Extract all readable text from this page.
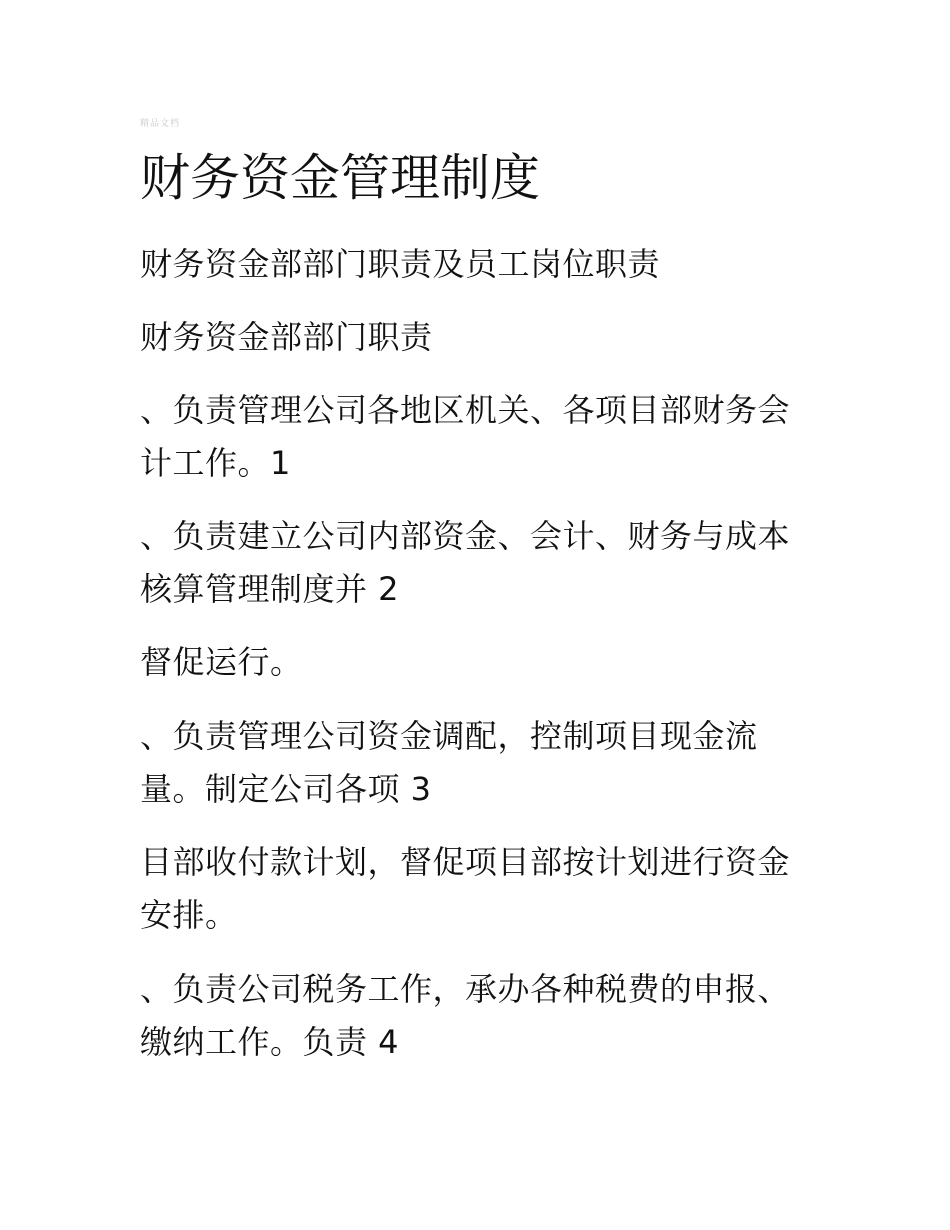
精品文档
财务资金管理制度

财务资金部部门职责及员工岗位职责

财务资金部部门职责

、负责管理公司各地区机关、各项目部财务会计工作。1

、负责建立公司内部资金、会计、财务与成本核算管理制度并 2

督促运行。

、负责管理公司资金调配，控制项目现金流量。制定公司各项 3

目部收付款计划，督促项目部按计划进行资金安排。

、负责公司税务工作，承办各种税费的申报、缴纳工作。负责 4
